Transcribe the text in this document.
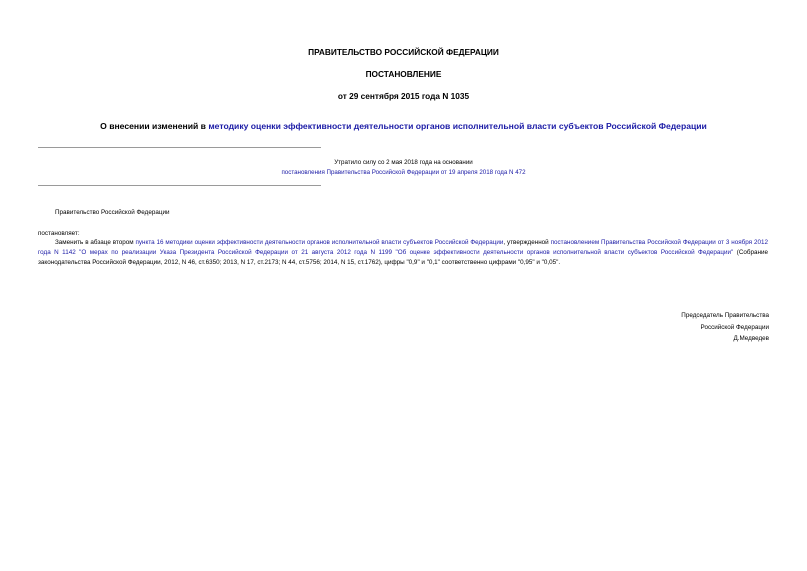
ПРАВИТЕЛЬСТВО РОССИЙСКОЙ ФЕДЕРАЦИИ
ПОСТАНОВЛЕНИЕ
от 29 сентября 2015 года N 1035
О внесении изменений в методику оценки эффективности деятельности органов исполнительной власти субъектов Российской Федерации
Утратило силу со 2 мая 2018 года на основании
постановления Правительства Российской Федерации от 19 апреля 2018 года N 472
Правительство Российской Федерации
постановляет:
Заменить в абзаце втором пункта 16 методики оценки эффективности деятельности органов исполнительной власти субъектов Российской Федерации, утвержденной постановлением Правительства Российской Федерации от 3 ноября 2012 года N 1142 "О мерах по реализации Указа Президента Российской Федерации от 21 августа 2012 года N 1199 "Об оценке эффективности деятельности органов исполнительной власти субъектов Российской Федерации" (Собрание законодательства Российской Федерации, 2012, N 46, ст.6350; 2013, N 17, ст.2173; N 44, ст.5756; 2014, N 15, ст.1762), цифры "0,9" и "0,1" соответственно цифрами "0,95" и "0,05".
Председатель Правительства
Российской Федерации
Д.Медведев
